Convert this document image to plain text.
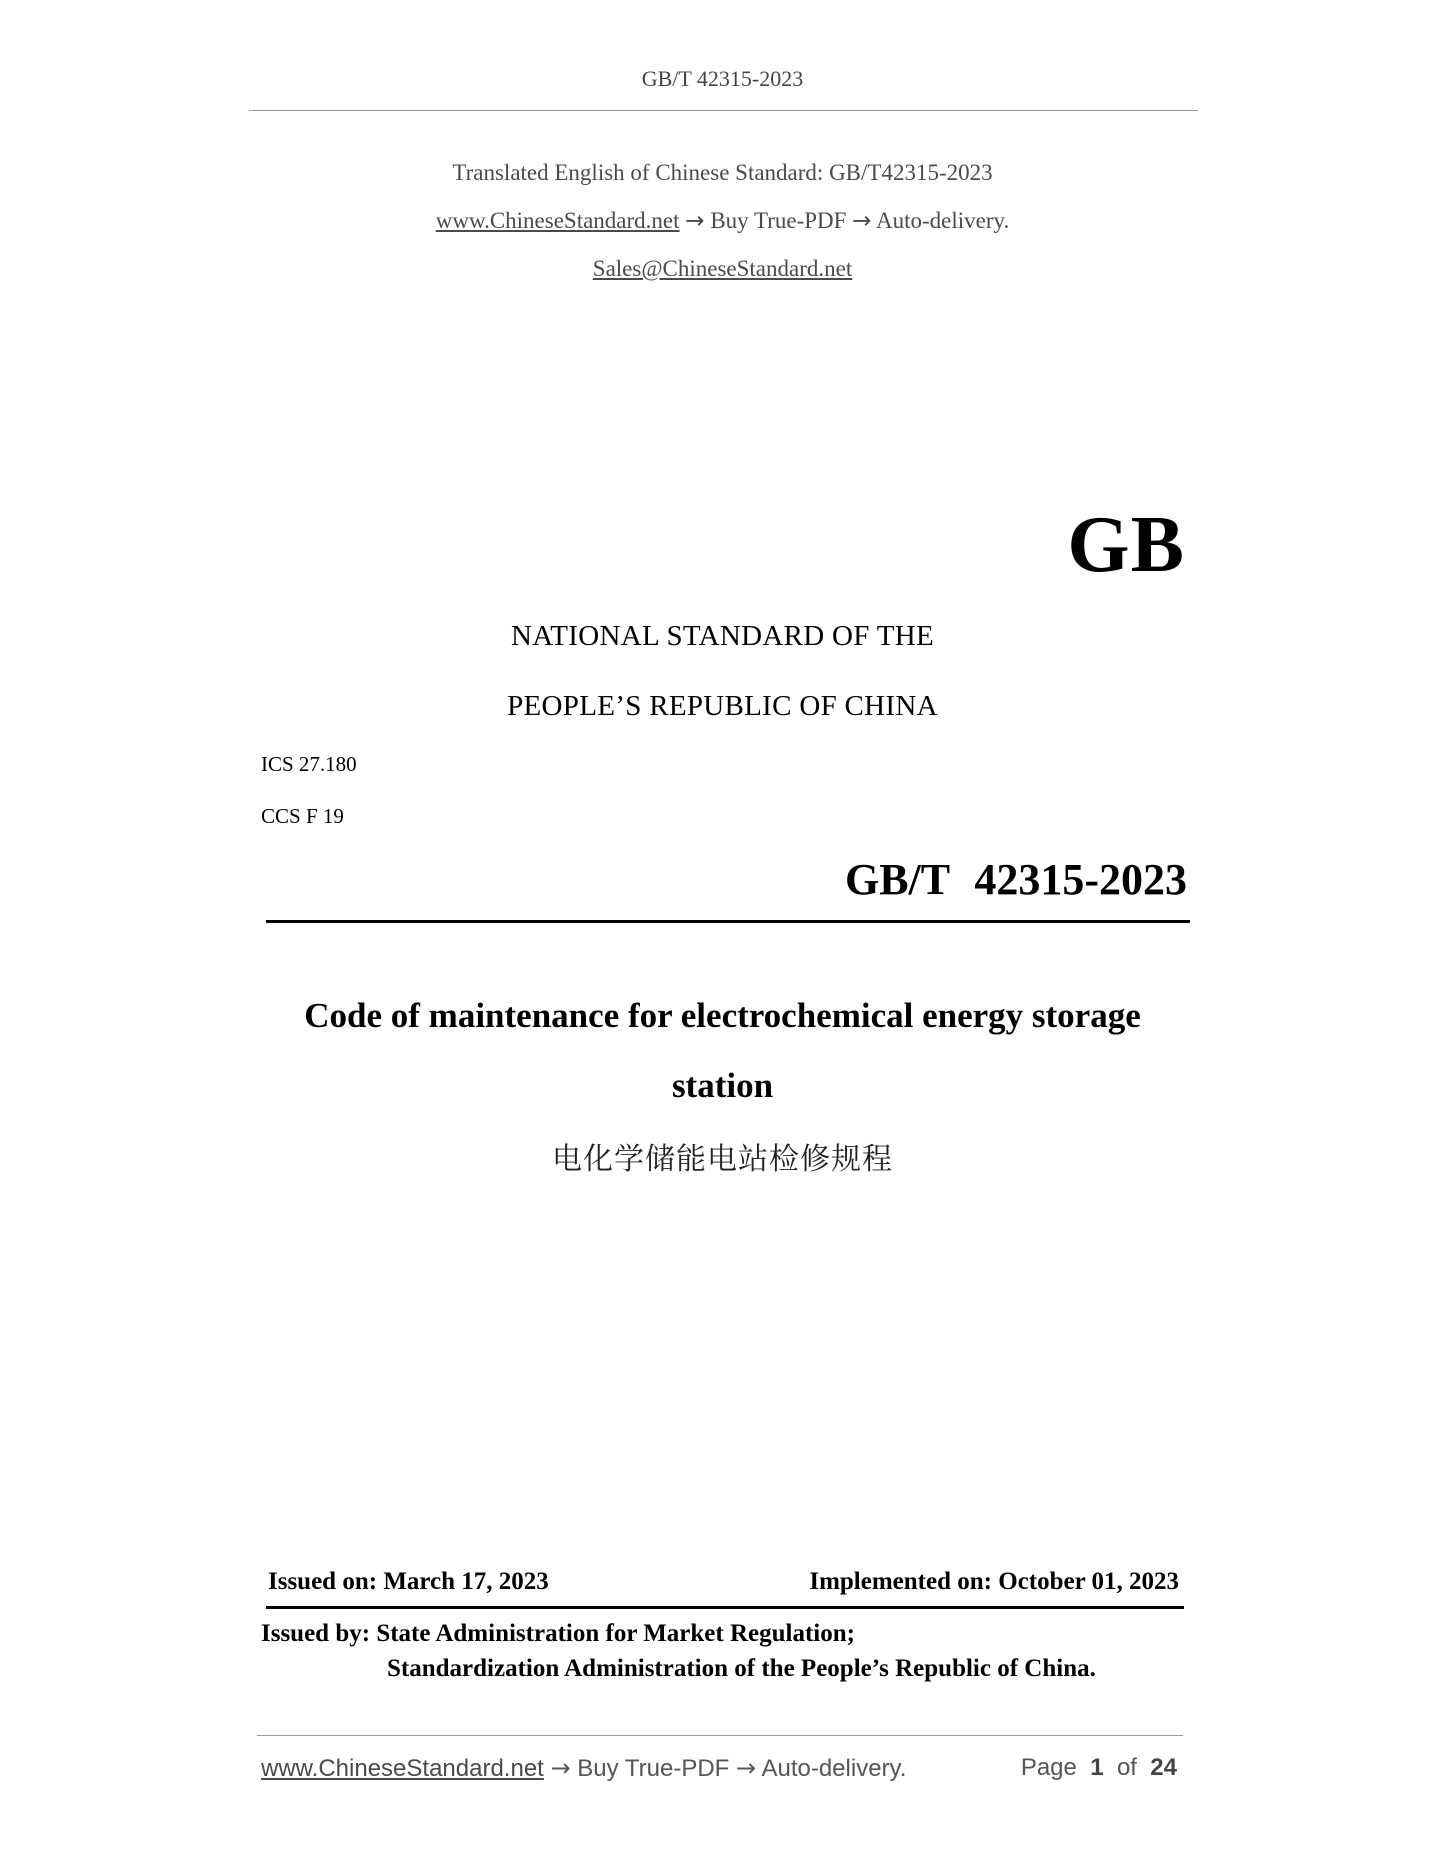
GB/T 42315-2023
Translated English of Chinese Standard: GB/T42315-2023
www.ChineseStandard.net → Buy True-PDF → Auto-delivery.
Sales@ChineseStandard.net
GB
NATIONAL STANDARD OF THE
PEOPLE’S REPUBLIC OF CHINA
ICS 27.180
CCS F 19
GB/T 42315-2023
Code of maintenance for electrochemical energy storage
station
电化学储能电站检修规程
Issued on: March 17, 2023	Implemented on: October 01, 2023
Issued by: State Administration for Market Regulation;
Standardization Administration of the People’s Republic of China.
www.ChineseStandard.net → Buy True-PDF → Auto-delivery.	Page 1 of 24
